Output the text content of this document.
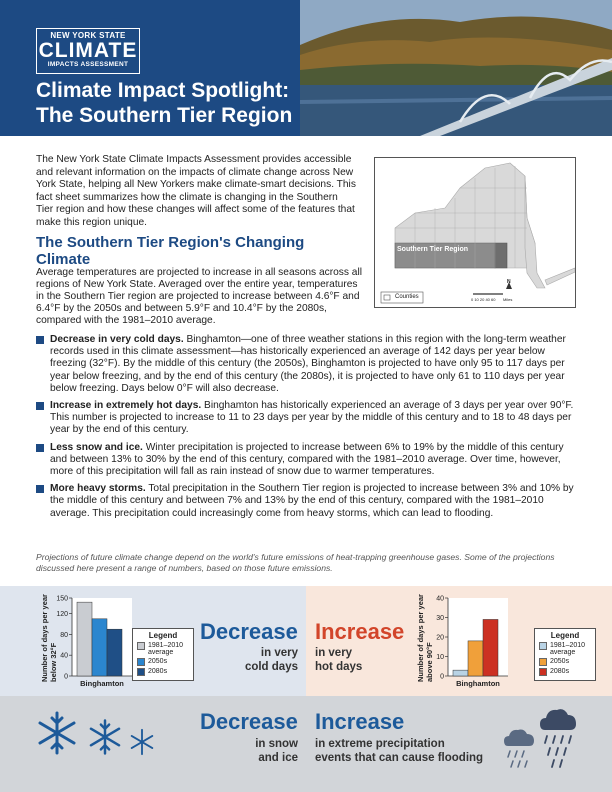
NEW YORK STATE
CLIMATE
IMPACTS ASSESSMENT
Climate Impact Spotlight:
The Southern Tier Region
The New York State Climate Impacts Assessment provides accessible and relevant information on the impacts of climate change across New York State, helping all New Yorkers make climate-smart decisions. This fact sheet summarizes how the climate is changing in the Southern Tier region and how these changes will affect some of the features that make this region unique.
Southern Tier Region
Counties	0 10 20 40 60 Miles
N
The Southern Tier Region's Changing Climate
Average temperatures are projected to increase in all seasons across all regions of New York State. Averaged over the entire year, temperatures in the Southern Tier region are projected to increase between 4.6°F and 6.4°F by the 2050s and between 5.9°F and 10.4°F by the 2080s, compared with the 1981–2010 average.
Decrease in very cold days. Binghamton—one of three weather stations in this region with the long-term weather records used in this climate assessment—has historically experienced an average of 142 days per year below freezing (32°F). By the middle of this century (the 2050s), Binghamton is projected to have only 95 to 117 days per year below freezing, and by the end of this century (the 2080s), it is projected to have only 61 to 110 days per year below freezing. Days below 0°F will also decrease.
Increase in extremely hot days. Binghamton has historically experienced an average of 3 days per year over 90°F. This number is projected to increase to 11 to 23 days per year by the middle of this century and to 18 to 48 days per year by the end of this century.
Less snow and ice. Winter precipitation is projected to increase between 6% to 19% by the middle of this century and between 13% to 30% by the end of this century, compared with the 1981–2010 average. Over time, however, more of this precipitation will fall as rain instead of snow due to warmer temperatures.
More heavy storms. Total precipitation in the Southern Tier region is projected to increase between 3% and 10% by the middle of this century and between 7% and 13% by the end of this century, compared with the 1981–2010 average. This precipitation could increasingly come from heavy storms, which can lead to flooding.
Projections of future climate change depend on the world's future emissions of heat-trapping greenhouse gases. Some of the projections discussed here present a range of numbers, based on those future emissions.
Number of days per year below 32°F 0
40
80
120
150
Binghamton
Legend
1981–2010 average
2050s
2080s
Decrease
in very
cold days
Increase
in very
hot days	Number of days per year above 90°F 0
10
20
30
40
Binghamton
Legend
1981–2010 average
2050s
2080s
Decrease
in snow
and ice
Increase
in extreme precipitation
events that can cause flooding
